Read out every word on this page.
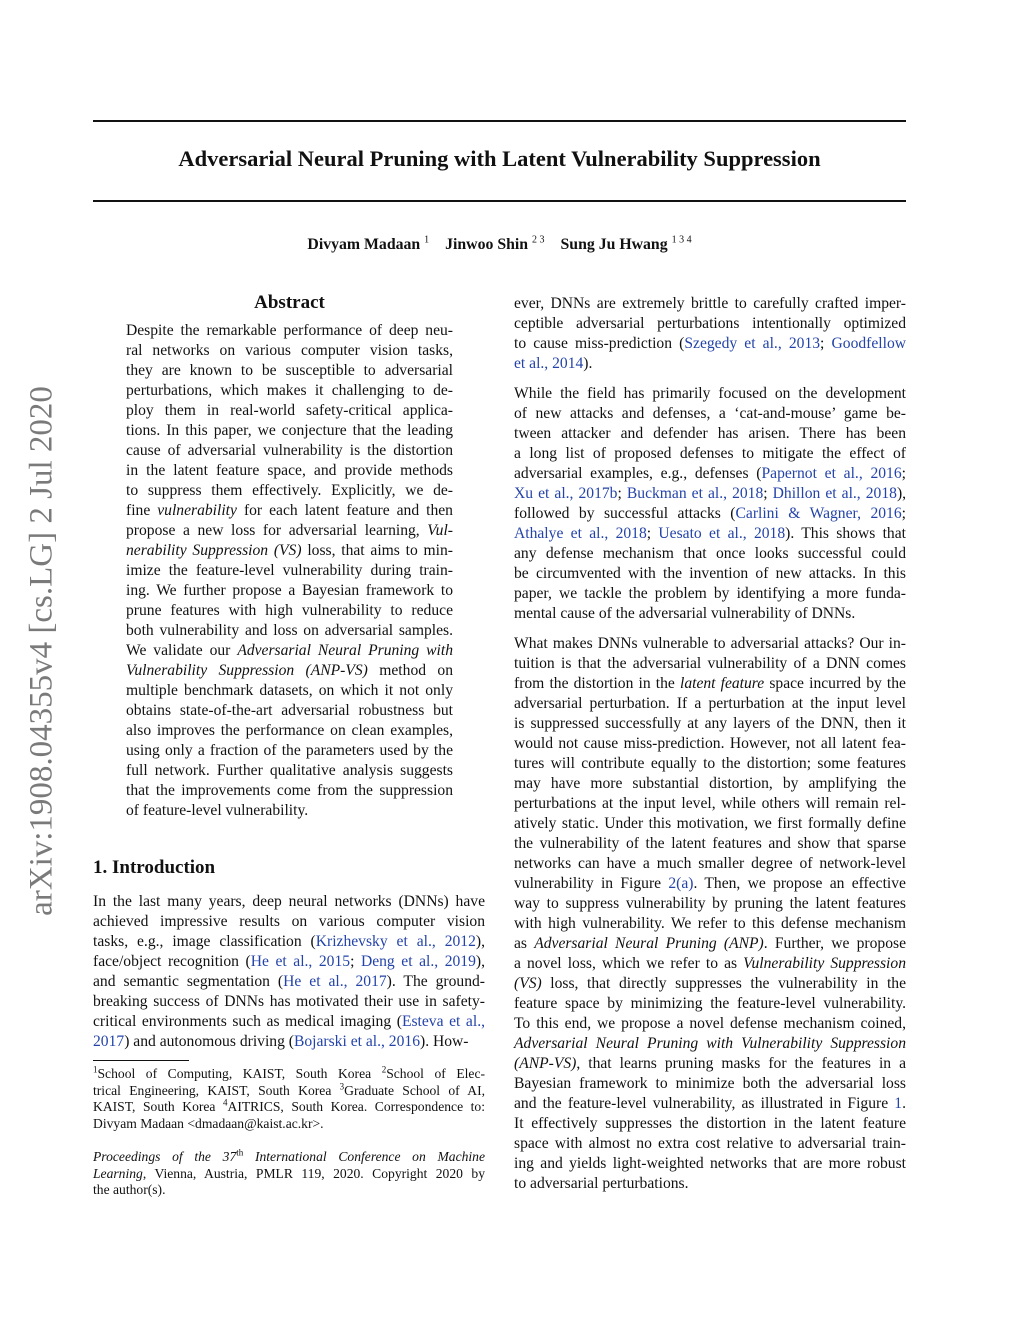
arXiv:1908.04355v4 [cs.LG] 2 Jul 2020
Adversarial Neural Pruning with Latent Vulnerability Suppression
Divyam Madaan $^1$ Jinwoo Shin $^{2 3}$ Sung Ju Hwang $^{1 3 4}$
Abstract
Despite the remarkable performance of deep neu-
ral networks on various computer vision tasks,
they are known to be susceptible to adversarial
perturbations, which makes it challenging to de-
ploy them in real-world safety-critical applica-
tions. In this paper, we conjecture that the leading
cause of adversarial vulnerability is the distortion
in the latent feature space, and provide methods
to suppress them effectively. Explicitly, we de-
fine vulnerability for each latent feature and then
propose a new loss for adversarial learning, Vul-
nerability Suppression (VS) loss, that aims to min-
imize the feature-level vulnerability during train-
ing. We further propose a Bayesian framework to
prune features with high vulnerability to reduce
both vulnerability and loss on adversarial samples.
We validate our Adversarial Neural Pruning with
Vulnerability Suppression (ANP-VS) method on
multiple benchmark datasets, on which it not only
obtains state-of-the-art adversarial robustness but
also improves the performance on clean examples,
using only a fraction of the parameters used by the
full network. Further qualitative analysis suggests
that the improvements come from the suppression
of feature-level vulnerability.
1. Introduction
In the last many years, deep neural networks (DNNs) have
achieved impressive results on various computer vision
tasks, e.g., image classification (Krizhevsky et al., 2012),
face/object recognition (He et al., 2015; Deng et al., 2019),
and semantic segmentation (He et al., 2017). The ground-
breaking success of DNNs has motivated their use in safety-
critical environments such as medical imaging (Esteva et al.,
2017) and autonomous driving (Bojarski et al., 2016). How-
$^1$School of Computing, KAIST, South Korea $^2$School of Elec-
trical Engineering, KAIST, South Korea $^3$Graduate School of AI,
KAIST, South Korea $^4$AITRICS, South Korea. Correspondence to:
Divyam Madaan <dmadaan@kaist.ac.kr>.
Proceedings of the 37th International Conference on Machine
Learning, Vienna, Austria, PMLR 119, 2020. Copyright 2020 by
the author(s).
ever, DNNs are extremely brittle to carefully crafted imper-
ceptible adversarial perturbations intentionally optimized
to cause miss-prediction (Szegedy et al., 2013; Goodfellow
et al., 2014).
While the field has primarily focused on the development
of new attacks and defenses, a ‘cat-and-mouse’ game be-
tween attacker and defender has arisen. There has been
a long list of proposed defenses to mitigate the effect of
adversarial examples, e.g., defenses (Papernot et al., 2016;
Xu et al., 2017b; Buckman et al., 2018; Dhillon et al., 2018),
followed by successful attacks (Carlini & Wagner, 2016;
Athalye et al., 2018; Uesato et al., 2018). This shows that
any defense mechanism that once looks successful could
be circumvented with the invention of new attacks. In this
paper, we tackle the problem by identifying a more funda-
mental cause of the adversarial vulnerability of DNNs.
What makes DNNs vulnerable to adversarial attacks? Our in-
tuition is that the adversarial vulnerability of a DNN comes
from the distortion in the latent feature space incurred by the
adversarial perturbation. If a perturbation at the input level
is suppressed successfully at any layers of the DNN, then it
would not cause miss-prediction. However, not all latent fea-
tures will contribute equally to the distortion; some features
may have more substantial distortion, by amplifying the
perturbations at the input level, while others will remain rel-
atively static. Under this motivation, we first formally define
the vulnerability of the latent features and show that sparse
networks can have a much smaller degree of network-level
vulnerability in Figure 2(a). Then, we propose an effective
way to suppress vulnerability by pruning the latent features
with high vulnerability. We refer to this defense mechanism
as Adversarial Neural Pruning (ANP). Further, we propose
a novel loss, which we refer to as Vulnerability Suppression
(VS) loss, that directly suppresses the vulnerability in the
feature space by minimizing the feature-level vulnerability.
To this end, we propose a novel defense mechanism coined,
Adversarial Neural Pruning with Vulnerability Suppression
(ANP-VS), that learns pruning masks for the features in a
Bayesian framework to minimize both the adversarial loss
and the feature-level vulnerability, as illustrated in Figure 1.
It effectively suppresses the distortion in the latent feature
space with almost no extra cost relative to adversarial train-
ing and yields light-weighted networks that are more robust
to adversarial perturbations.
